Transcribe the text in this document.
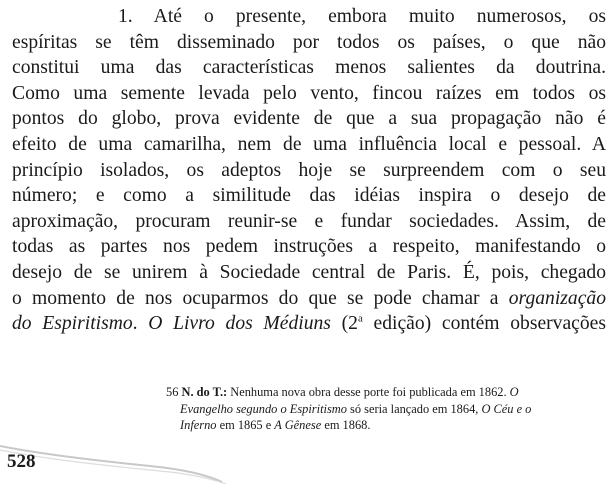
1. Até o presente, embora muito numerosos, os
espíritas se têm disseminado por todos os países, o que não
constitui uma das características menos salientes da doutrina.
Como uma semente levada pelo vento, fincou raízes em todos os
pontos do globo, prova evidente de que a sua propagação não é
efeito de uma camarilha, nem de uma influência local e pessoal. A
princípio isolados, os adeptos hoje se surpreendem com o seu
número; e como a similitude das idéias inspira o desejo de
aproximação, procuram reunir-se e fundar sociedades. Assim, de
todas as partes nos pedem instruções a respeito, manifestando o
desejo de se unirem à Sociedade central de Paris. É, pois, chegado
o momento de nos ocuparmos do que se pode chamar a organização
do Espiritismo. O Livro dos Médiuns (2$^a$ edição) contém observações
56 N. do T.: Nenhuma nova obra desse porte foi publicada em 1862. O
Evangelho segundo o Espiritismo só seria lançado em 1864, O Céu e o
Inferno em 1865 e A Gênese em 1868.
528
